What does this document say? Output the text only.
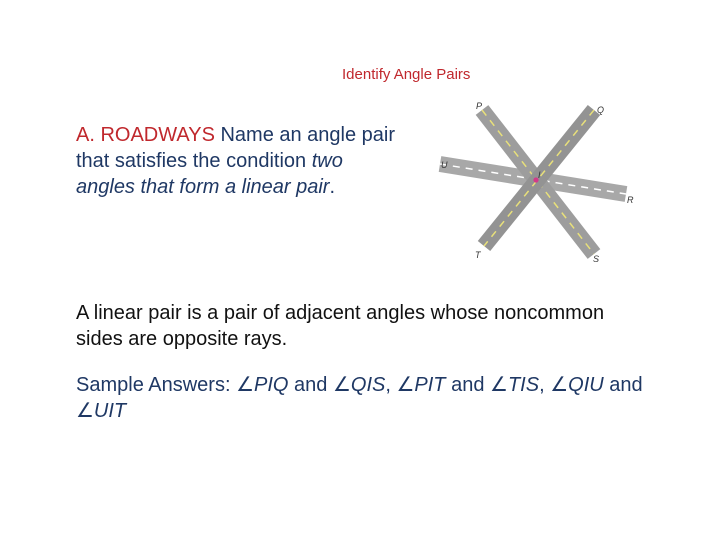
Identify Angle Pairs
A. ROADWAYS Name an angle pair that satisfies the condition two angles that form a linear pair.
P	Q
U
I
R
T	S
A linear pair is a pair of adjacent angles whose noncommon sides are opposite rays.
Sample Answers: ∠PIQ and ∠QIS, ∠PIT and ∠TIS, ∠QIU and ∠UIT
